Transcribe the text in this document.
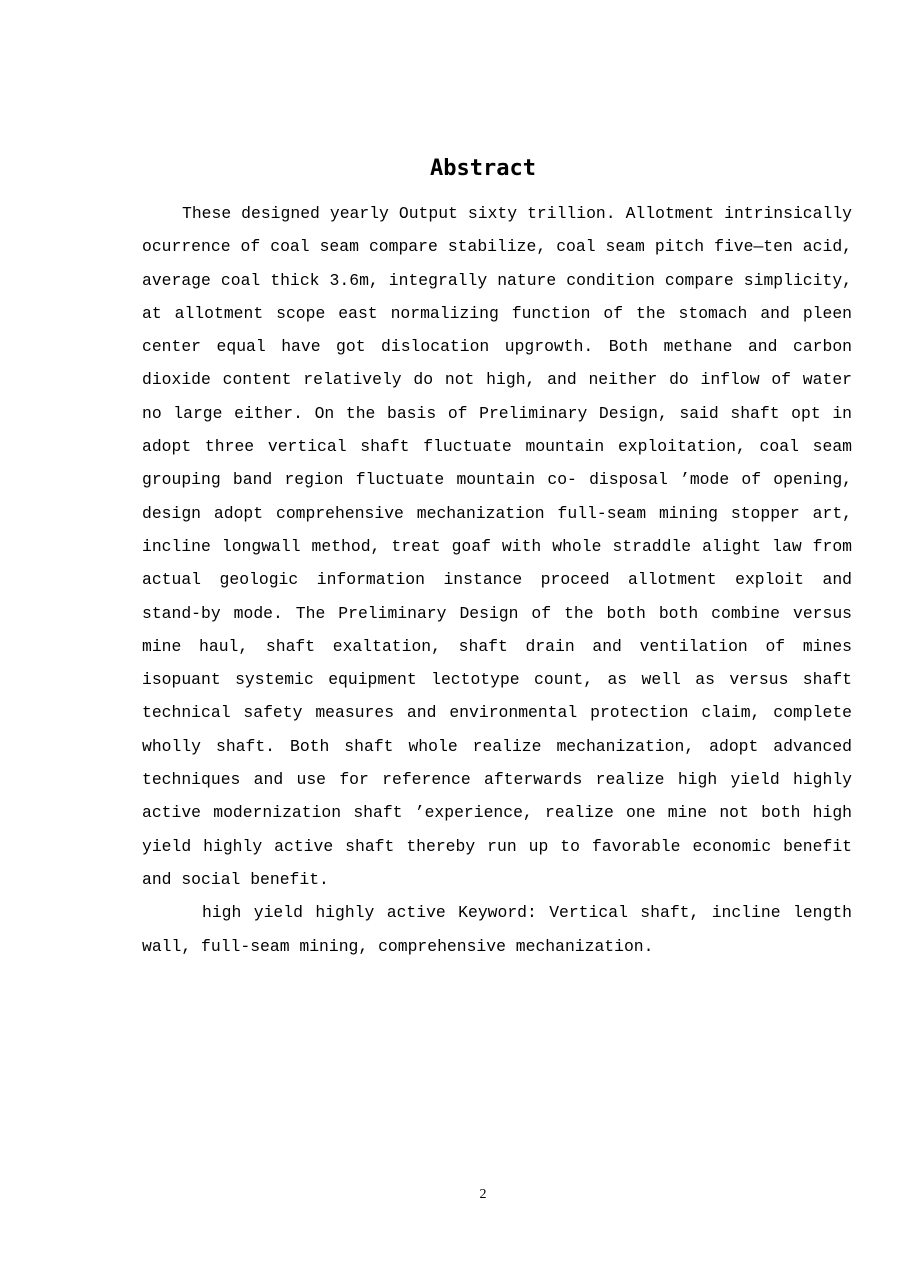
Abstract

These designed yearly Output sixty trillion. Allotment intrinsically ocurrence of coal seam compare stabilize, coal seam pitch five—ten acid, average coal thick 3.6m, integrally nature condition compare simplicity, at allotment scope east normalizing function of the stomach and pleen center equal have got dislocation upgrowth. Both methane and carbon dioxide content relatively do not high, and neither do inflow of water no large either. On the basis of Preliminary Design, said shaft opt in adopt three vertical shaft fluctuate mountain exploitation, coal seam grouping band region fluctuate mountain co- disposal ’mode of opening, design adopt comprehensive mechanization full-seam mining stopper art, incline longwall method, treat goaf with whole straddle alight law from actual geologic information instance proceed allotment exploit and stand-by mode. The Preliminary Design of the both both combine versus mine haul, shaft exaltation, shaft drain and ventilation of mines isopuant systemic equipment lectotype count, as well as versus shaft technical safety measures and environmental protection claim, complete wholly shaft. Both shaft whole realize mechanization, adopt advanced techniques and use for reference afterwards realize high yield highly active modernization shaft ’experience, realize one mine not both high yield highly active shaft thereby run up to favorable economic benefit and social benefit.

high yield highly active Keyword: Vertical shaft, incline length wall, full-seam mining, comprehensive mechanization.

2
